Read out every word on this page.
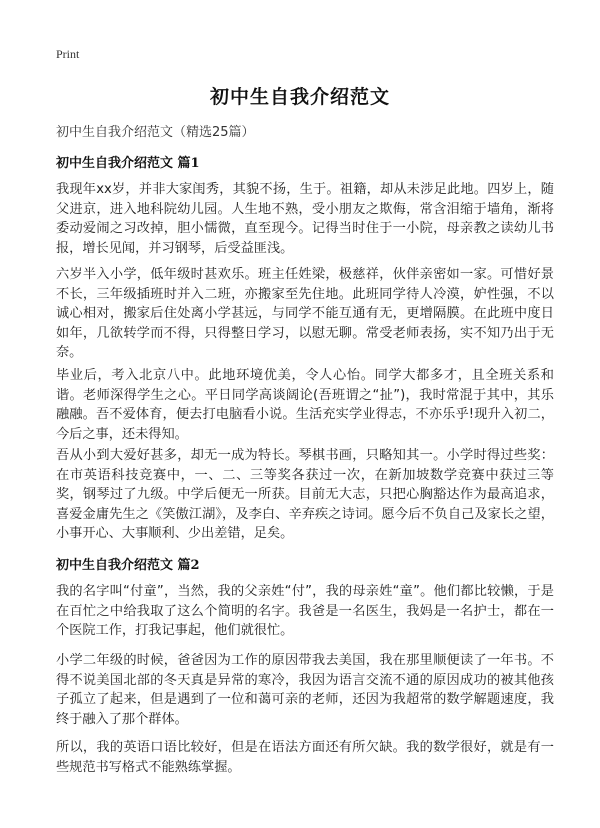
Print
初中生自我介绍范文
初中生自我介绍范文（精选25篇）
初中生自我介绍范文 篇1

我现年xx岁，并非大家闺秀，其貌不扬，生于。祖籍，却从未涉足此地。四岁上，随父进京，进入地科院幼儿园。人生地不熟，受小朋友之欺侮，常含泪缩于墙角，渐将委动爱闹之习改掉，胆小懦微，直至现今。记得当时住于一小院，母亲教之读幼儿书报，增长见闻，并习钢琴，后受益匪浅。

六岁半入小学，低年级时甚欢乐。班主任姓梁，极慈祥，伙伴亲密如一家。可惜好景不长，三年级插班时并入二班，亦搬家至先住地。此班同学待人冷漠，妒性强，不以诚心相对，搬家后住处离小学甚远，与同学不能互通有无，更增隔膜。在此班中度日如年，几欲转学而不得，只得整日学习，以慰无聊。常受老师表扬，实不知乃出于无奈。

毕业后，考入北京八中。此地环境优美，令人心怡。同学大都多才，且全班关系和谐。老师深得学生之心。平日同学高谈阔论(吾班谓之“扯”)，我时常混于其中，其乐融融。吾不爱体育，便去打电脑看小说。生活充实学业得志，不亦乐乎!现升入初二，今后之事，还未得知。

吾从小到大爱好甚多，却无一成为特长。琴棋书画，只略知其一。小学时得过些奖：在市英语科技竞赛中，一、二、三等奖各获过一次，在新加坡数学竞赛中获过三等奖，钢琴过了九级。中学后便无一所获。目前无大志，只把心胸豁达作为最高追求，喜爱金庸先生之《笑傲江湖》，及李白、辛弃疾之诗词。愿今后不负自己及家长之望，小事开心、大事顺利、少出差错，足矣。

初中生自我介绍范文 篇2

我的名字叫“付童”，当然，我的父亲姓“付”，我的母亲姓“童”。他们都比较懒，于是在百忙之中给我取了这么个简明的名字。我爸是一名医生，我妈是一名护士，都在一个医院工作，打我记事起，他们就很忙。

小学二年级的时候，爸爸因为工作的原因带我去美国，我在那里顺便读了一年书。不得不说美国北部的冬天真是异常的寒冷，我因为语言交流不通的原因成功的被其他孩子孤立了起来，但是遇到了一位和蔼可亲的老师，还因为我超常的数学解题速度，我终于融入了那个群体。

所以，我的英语口语比较好，但是在语法方面还有所欠缺。我的数学很好，就是有一些规范书写格式不能熟练掌握。
